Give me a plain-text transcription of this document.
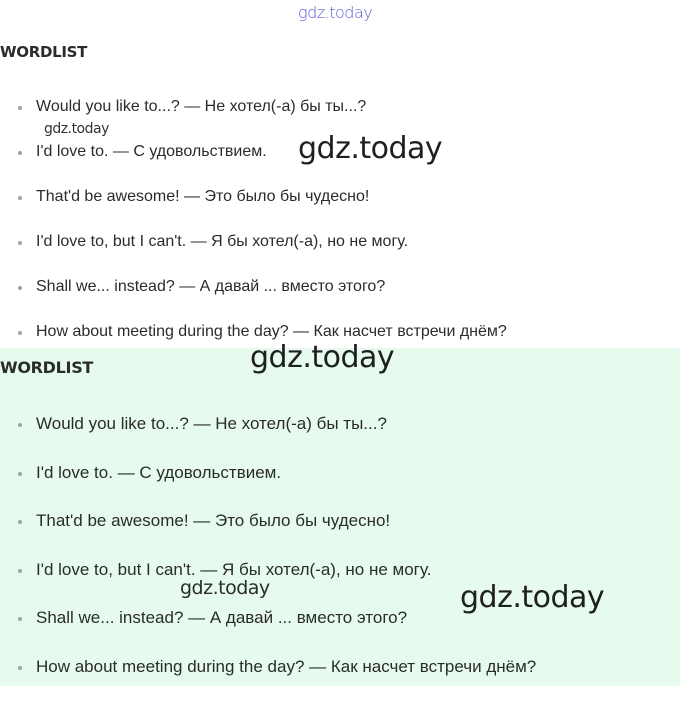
WORDLIST
Would you like to...? — Не хотел(-а) бы ты...?
I'd love to. — С удовольствием.
That'd be awesome! — Это было бы чудесно!
I'd love to, but I can't. — Я бы хотел(-а), но не могу.
Shall we... instead? — А давай ... вместо этого?
How about meeting during the day? — Как насчет встречи днём?
WORDLIST
Would you like to...? — Не хотел(-а) бы ты...?
I'd love to. — С удовольствием.
That'd be awesome! — Это было бы чудесно!
I'd love to, but I can't. — Я бы хотел(-а), но не могу.
Shall we... instead? — А давай ... вместо этого?
How about meeting during the day? — Как насчет встречи днём?
gdz.today
gdz.today
gdz.today
gdz.today
gdz.today	gdz.today
